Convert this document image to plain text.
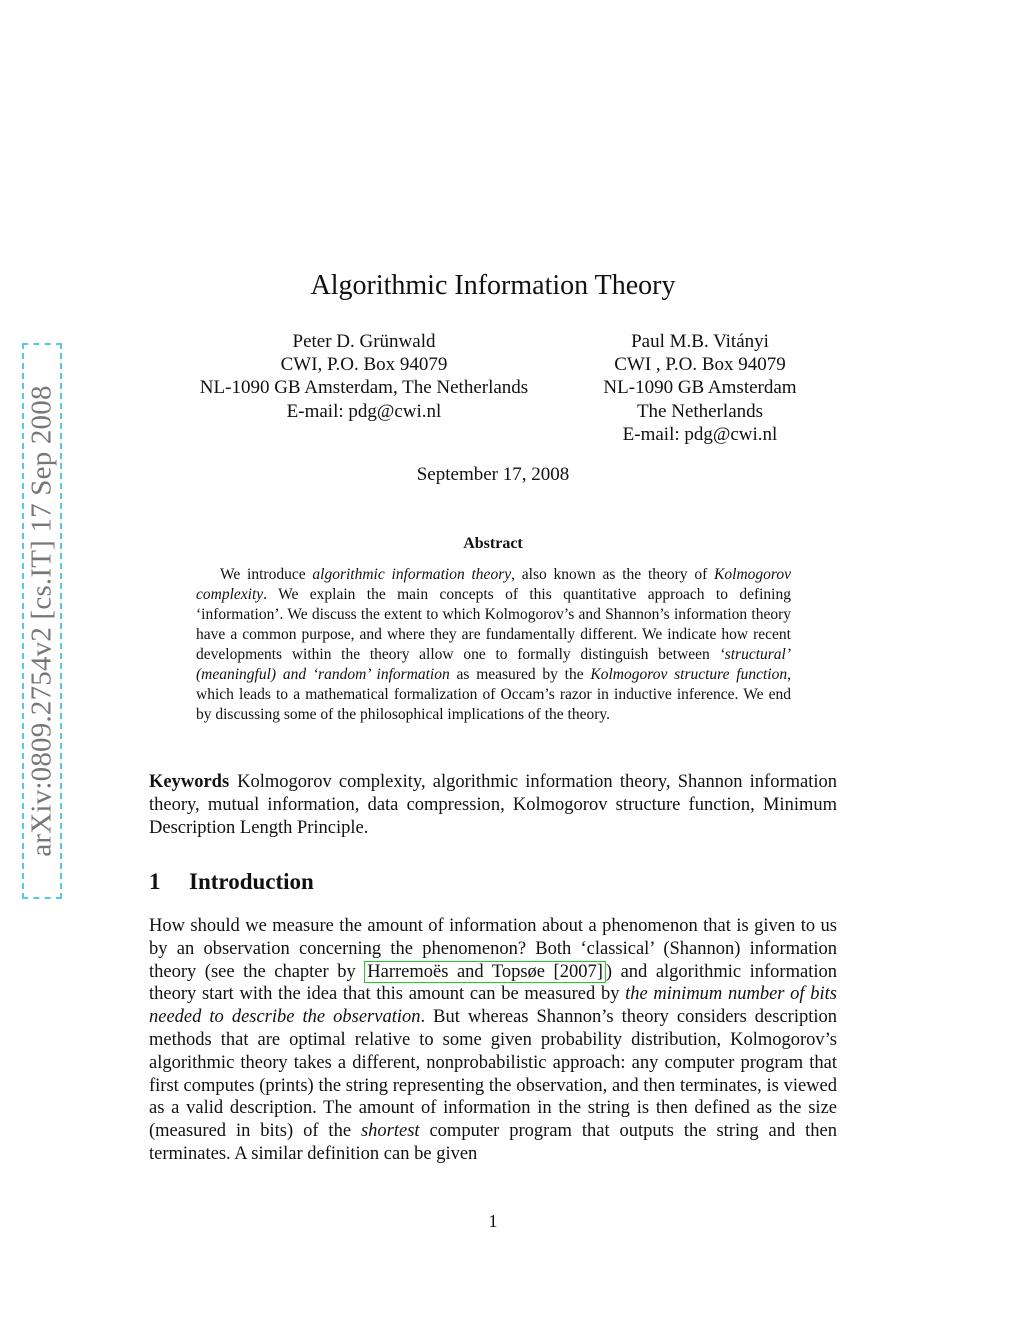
arXiv:0809.2754v2 [cs.IT] 17 Sep 2008
Algorithmic Information Theory
Peter D. Grünwald
CWI, P.O. Box 94079
NL-1090 GB Amsterdam, The Netherlands
E-mail: pdg@cwi.nl
Paul M.B. Vitányi
CWI , P.O. Box 94079
NL-1090 GB Amsterdam
The Netherlands
E-mail: pdg@cwi.nl
September 17, 2008
Abstract
We introduce algorithmic information theory, also known as the theory of Kolmogorov complexity. We explain the main concepts of this quantitative approach to defining ‘information’. We discuss the extent to which Kolmogorov’s and Shannon’s information theory have a common purpose, and where they are fundamentally different. We indicate how recent developments within the theory allow one to formally distinguish between ‘structural’ (meaningful) and ‘random’ information as measured by the Kolmogorov structure function, which leads to a mathematical formalization of Occam’s razor in inductive inference. We end by discussing some of the philosophical implications of the theory.
Keywords Kolmogorov complexity, algorithmic information theory, Shannon information theory, mutual information, data compression, Kolmogorov structure function, Minimum Description Length Principle.
1 Introduction
How should we measure the amount of information about a phenomenon that is given to us by an observation concerning the phenomenon? Both ‘classical’ (Shannon) information theory (see the chapter by Harremoës and Topsøe [2007] ) and algorithmic information theory start with the idea that this amount can be measured by the minimum number of bits needed to describe the observation. But whereas Shannon’s theory considers description methods that are optimal relative to some given probability distribution, Kolmogorov’s algorithmic theory takes a different, nonprobabilistic approach: any computer program that first computes (prints) the string representing the observation, and then terminates, is viewed as a valid description. The amount of information in the string is then defined as the size (measured in bits) of the shortest computer program that outputs the string and then terminates. A similar definition can be given
1
